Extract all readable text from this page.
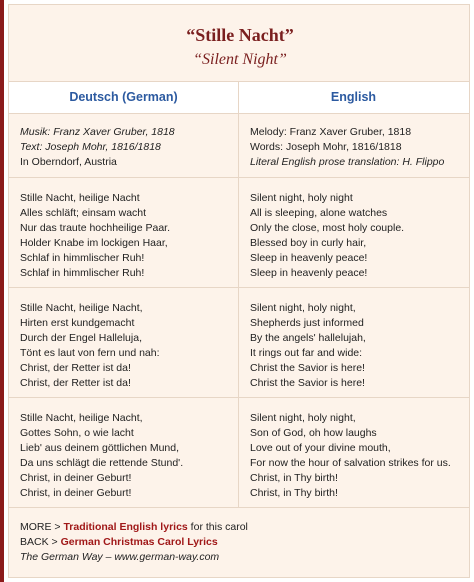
“Stille Nacht”
“Silent Night”
Deutsch (German)	English
Musik: Franz Xaver Gruber, 1818
Text: Joseph Mohr, 1816/1818
In Oberndorf, Austria
Melody: Franz Xaver Gruber, 1818
Words: Joseph Mohr, 1816/1818
Literal English prose translation: H. Flippo
Stille Nacht, heilige Nacht
Alles schläft; einsam wacht
Nur das traute hochheilige Paar.
Holder Knabe im lockigen Haar,
Schlaf in himmlischer Ruh!
Schlaf in himmlischer Ruh!
Silent night, holy night
All is sleeping, alone watches
Only the close, most holy couple.
Blessed boy in curly hair,
Sleep in heavenly peace!
Sleep in heavenly peace!
Stille Nacht, heilige Nacht,
Hirten erst kundgemacht
Durch der Engel Halleluja,
Tönt es laut von fern und nah:
Christ, der Retter ist da!
Christ, der Retter ist da!
Silent night, holy night,
Shepherds just informed
By the angels' hallelujah,
It rings out far and wide:
Christ the Savior is here!
Christ the Savior is here!
Stille Nacht, heilige Nacht,
Gottes Sohn, o wie lacht
Lieb' aus deinem göttlichen Mund,
Da uns schlägt die rettende Stund'.
Christ, in deiner Geburt!
Christ, in deiner Geburt!
Silent night, holy night,
Son of God, oh how laughs
Love out of your divine mouth,
For now the hour of salvation strikes for us.
Christ, in Thy birth!
Christ, in Thy birth!
MORE > Traditional English lyrics for this carol
BACK > German Christmas Carol Lyrics
The German Way – www.german-way.com
